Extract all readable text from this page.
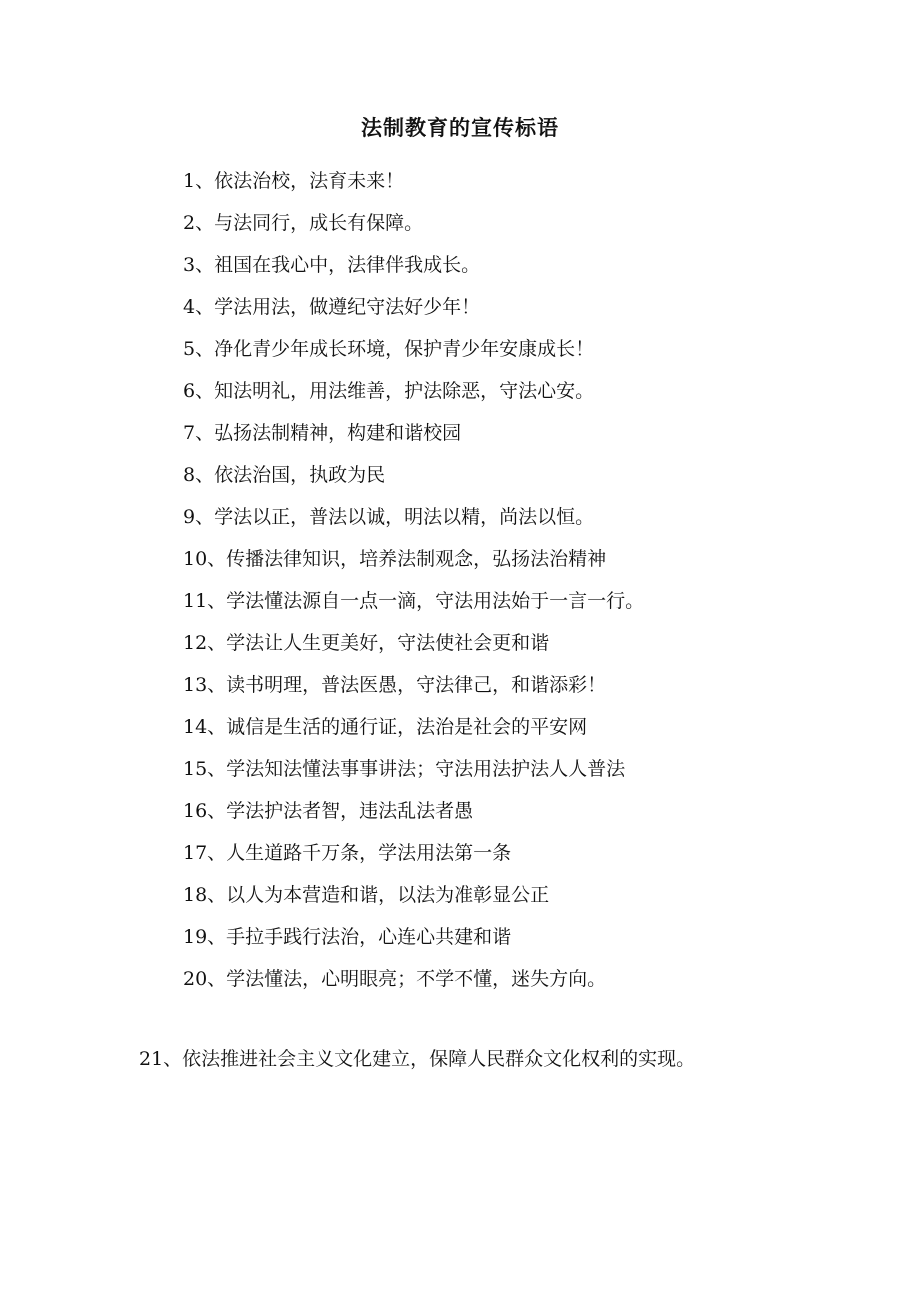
法制教育的宣传标语
1、依法治校，法育未来！
2、与法同行，成长有保障。
3、祖国在我心中，法律伴我成长。
4、学法用法，做遵纪守法好少年！
5、净化青少年成长环境，保护青少年安康成长！
6、知法明礼，用法维善，护法除恶，守法心安。
7、弘扬法制精神，构建和谐校园
8、依法治国，执政为民
9、学法以正，普法以诚，明法以精，尚法以恒。
10、传播法律知识，培养法制观念，弘扬法治精神
11、学法懂法源自一点一滴，守法用法始于一言一行。
12、学法让人生更美好，守法使社会更和谐
13、读书明理，普法医愚，守法律己，和谐添彩！
14、诚信是生活的通行证，法治是社会的平安网
15、学法知法懂法事事讲法；守法用法护法人人普法
16、学法护法者智，违法乱法者愚
17、人生道路千万条，学法用法第一条
18、以人为本营造和谐，以法为准彰显公正
19、手拉手践行法治，心连心共建和谐
20、学法懂法，心明眼亮；不学不懂，迷失方向。
21、依法推进社会主义文化建立，保障人民群众文化权利的实现。
